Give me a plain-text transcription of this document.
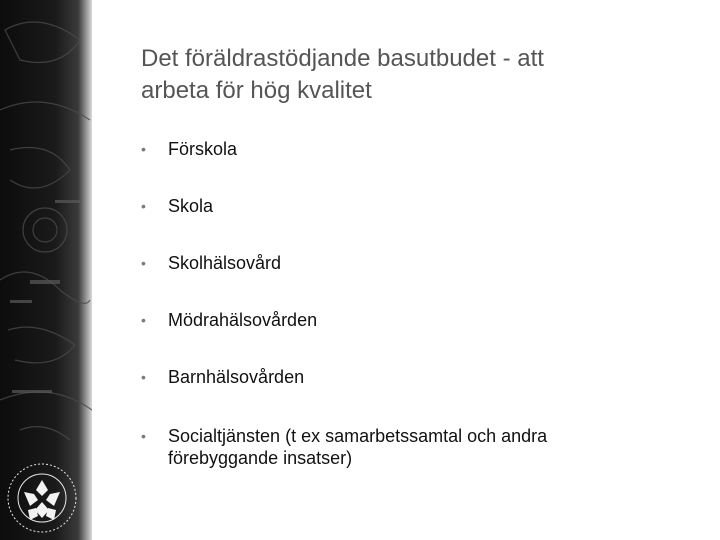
Det föräldrastödjande basutbudet - att
arbeta för hög kvalitet
• Förskola
• Skola
• Skolhälsovård
• Mödrahälsovården
• Barnhälsovården
• Socialtjänsten (t ex samarbetssamtal och andra förebyggande insatser)
